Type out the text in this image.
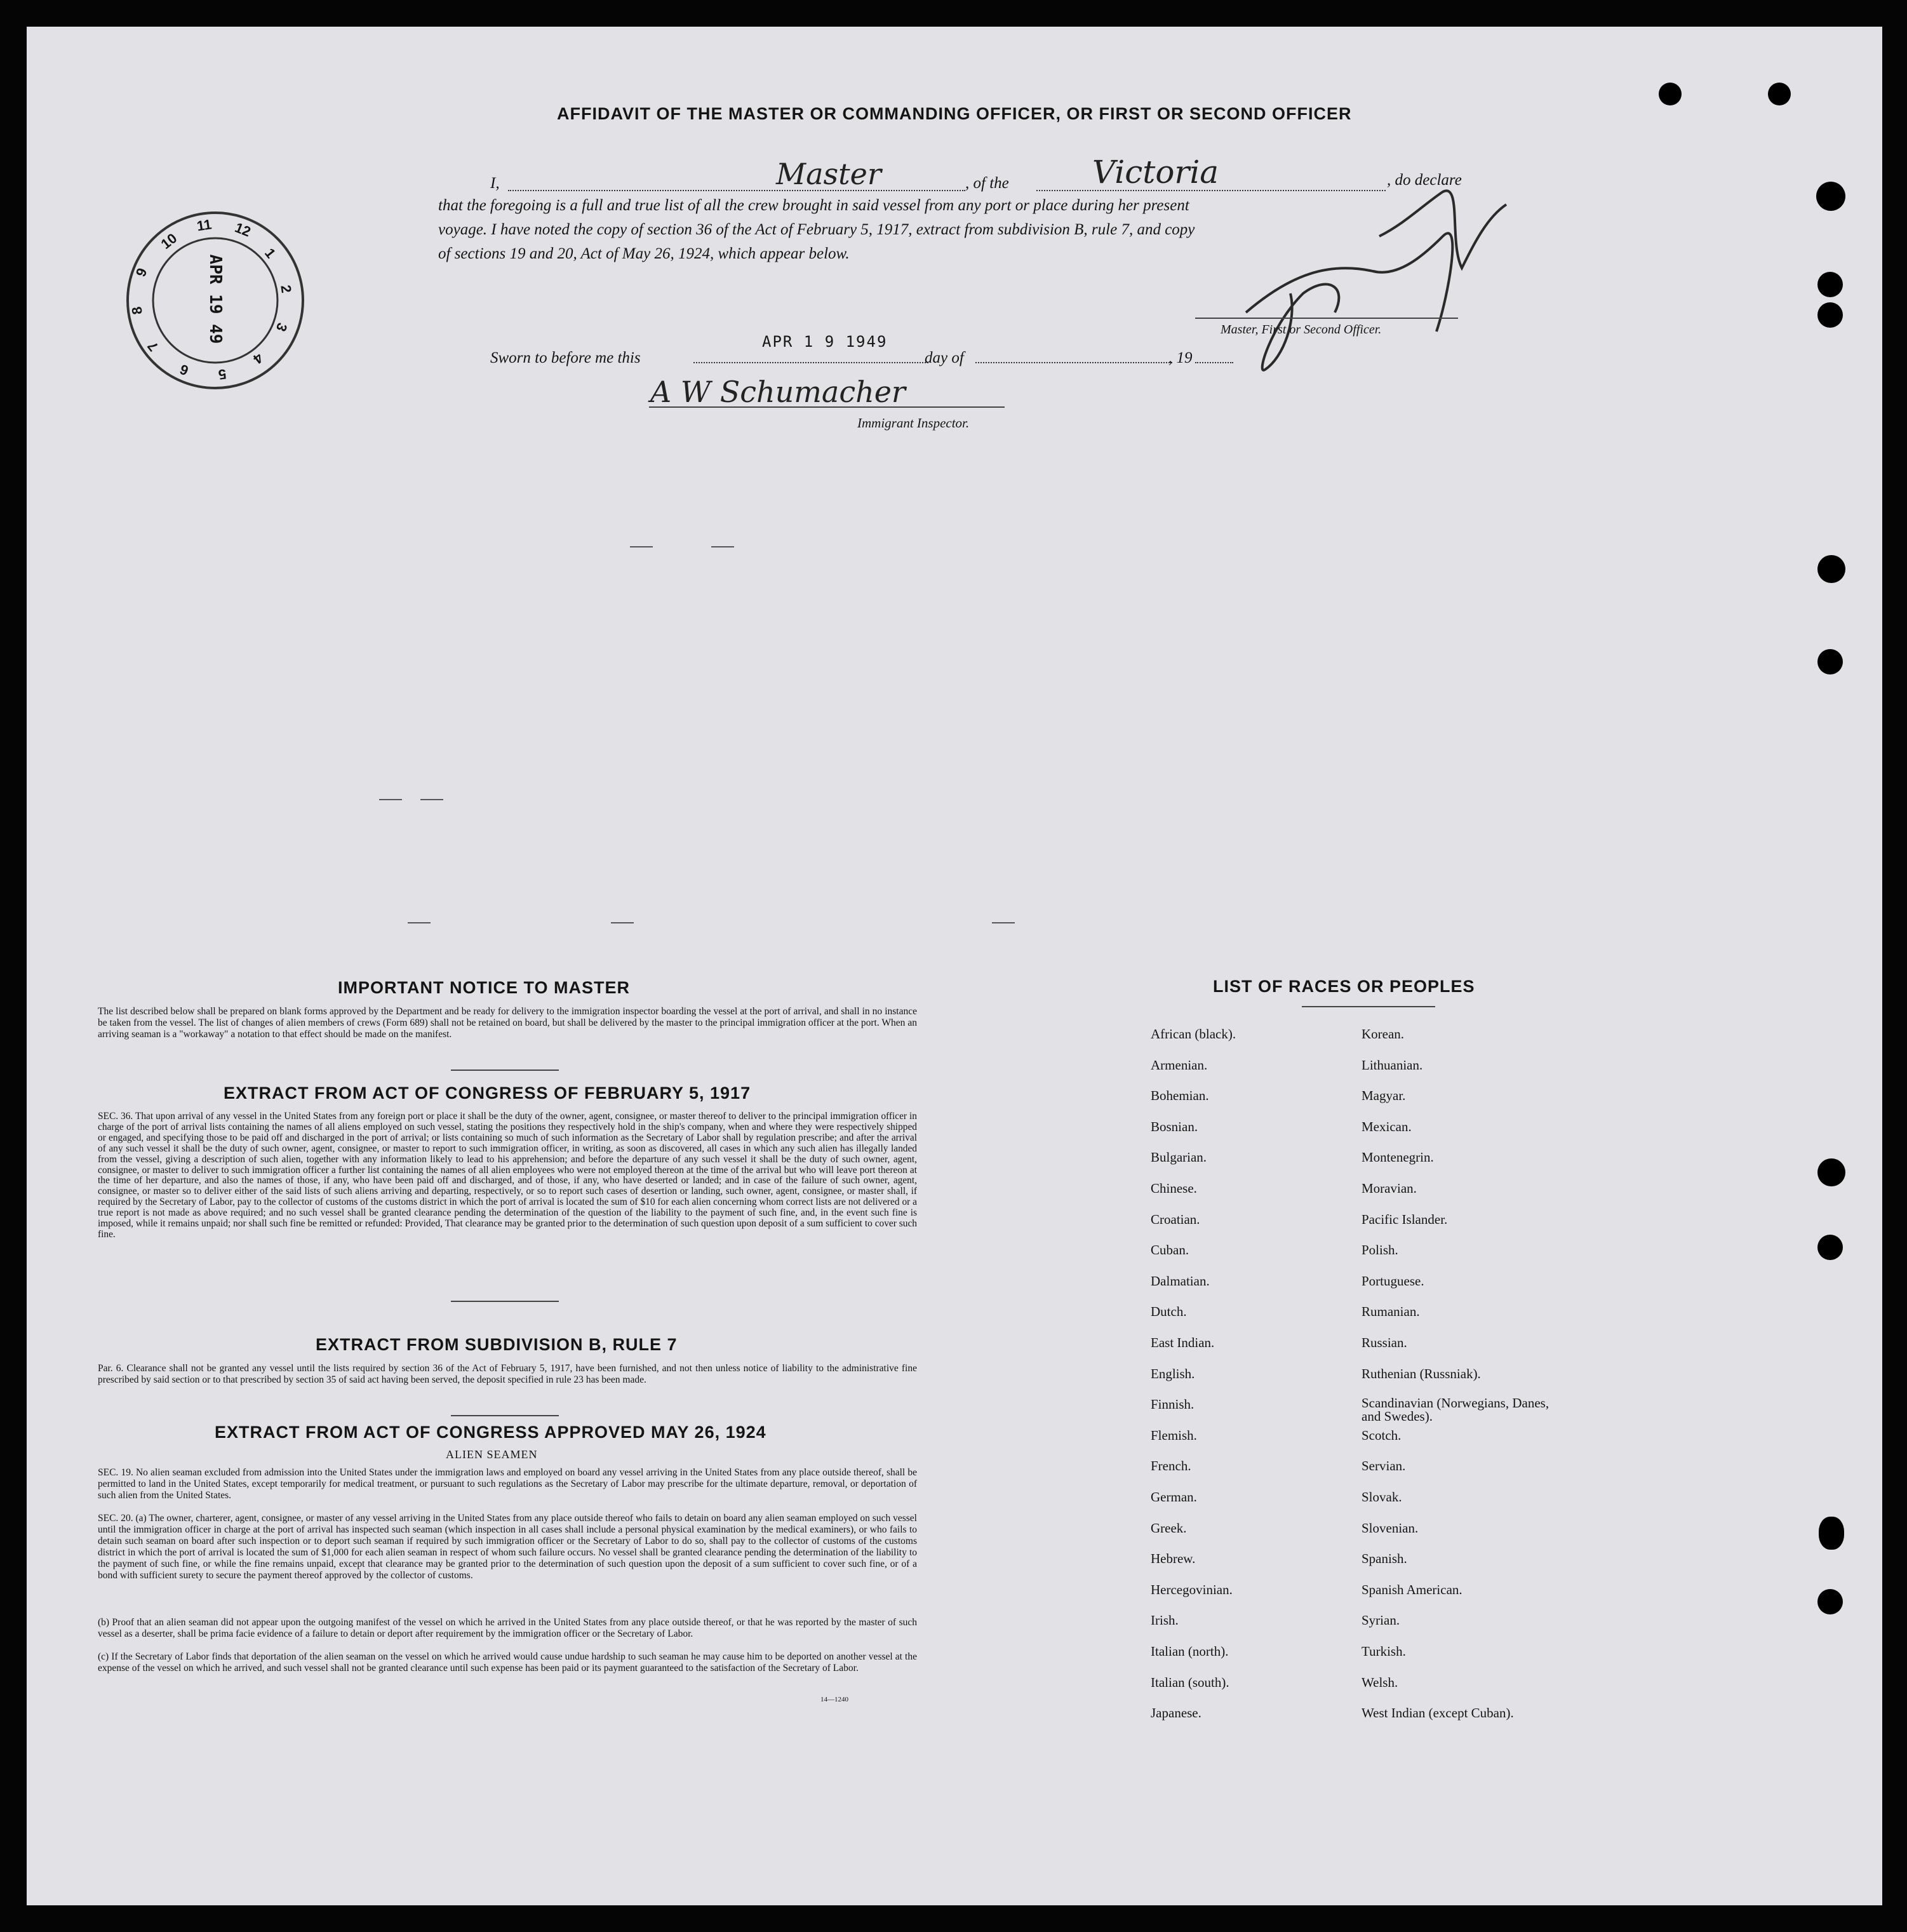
AFFIDAVIT OF THE MASTER OR COMMANDING OFFICER, OR FIRST OR SECOND OFFICER
I,	Master	, of the	Victoria	, do declare
that the foregoing is a full and true list of all the crew brought in said vessel from any port or place during her present
voyage. I have noted the copy of section 36 of the Act of February 5, 1917, extract from subdivision B, rule 7, and copy
of sections 19 and 20, Act of May 26, 1924, which appear below.
Master, First or Second Officer.
Sworn to before me this
APR 1 9 1949
day of	, 19
A W Schumacher
Immigrant Inspector.
1
2
3
4
5
6
7
8
9
10
11 12
APR 19 49
IMPORTANT NOTICE TO MASTER
The list described below shall be prepared on blank forms approved by the Department and be ready for delivery to the immigration inspector boarding the vessel at the port of arrival, and shall in no instance be taken from the vessel. The list of changes of alien members of crews (Form 689) shall not be retained on board, but shall be delivered by the master to the principal immigration officer at the port. When an arriving seaman is a "workaway" a notation to that effect should be made on the manifest.
EXTRACT FROM ACT OF CONGRESS OF FEBRUARY 5, 1917
SEC. 36. That upon arrival of any vessel in the United States from any foreign port or place it shall be the duty of the owner, agent, consignee, or master thereof to deliver to the principal immigration officer in charge of the port of arrival lists containing the names of all aliens employed on such vessel, stating the positions they respectively hold in the ship's company, when and where they were respectively shipped or engaged, and specifying those to be paid off and discharged in the port of arrival; or lists containing so much of such information as the Secretary of Labor shall by regulation prescribe; and after the arrival of any such vessel it shall be the duty of such owner, agent, consignee, or master to report to such immigration officer, in writing, as soon as discovered, all cases in which any such alien has illegally landed from the vessel, giving a description of such alien, together with any information likely to lead to his apprehension; and before the departure of any such vessel it shall be the duty of such owner, agent, consignee, or master to deliver to such immigration officer a further list containing the names of all alien employees who were not employed thereon at the time of the arrival but who will leave port thereon at the time of her departure, and also the names of those, if any, who have been paid off and discharged, and of those, if any, who have deserted or landed; and in case of the failure of such owner, agent, consignee, or master so to deliver either of the said lists of such aliens arriving and departing, respectively, or so to report such cases of desertion or landing, such owner, agent, consignee, or master shall, if required by the Secretary of Labor, pay to the collector of customs of the customs district in which the port of arrival is located the sum of $10 for each alien concerning whom correct lists are not delivered or a true report is not made as above required; and no such vessel shall be granted clearance pending the determination of the question of the liability to the payment of such fine, and, in the event such fine is imposed, while it remains unpaid; nor shall such fine be remitted or refunded: Provided, That clearance may be granted prior to the determination of such question upon deposit of a sum sufficient to cover such fine.
EXTRACT FROM SUBDIVISION B, RULE 7
Par. 6. Clearance shall not be granted any vessel until the lists required by section 36 of the Act of February 5, 1917, have been furnished, and not then unless notice of liability to the administrative fine prescribed by said section or to that prescribed by section 35 of said act having been served, the deposit specified in rule 23 has been made.
EXTRACT FROM ACT OF CONGRESS APPROVED MAY 26, 1924
ALIEN SEAMEN
SEC. 19. No alien seaman excluded from admission into the United States under the immigration laws and employed on board any vessel arriving in the United States from any place outside thereof, shall be permitted to land in the United States, except temporarily for medical treatment, or pursuant to such regulations as the Secretary of Labor may prescribe for the ultimate departure, removal, or deportation of such alien from the United States.
SEC. 20. (a) The owner, charterer, agent, consignee, or master of any vessel arriving in the United States from any place outside thereof who fails to detain on board any alien seaman employed on such vessel until the immigration officer in charge at the port of arrival has inspected such seaman (which inspection in all cases shall include a personal physical examination by the medical examiners), or who fails to detain such seaman on board after such inspection or to deport such seaman if required by such immigration officer or the Secretary of Labor to do so, shall pay to the collector of customs of the customs district in which the port of arrival is located the sum of $1,000 for each alien seaman in respect of whom such failure occurs. No vessel shall be granted clearance pending the determination of the liability to the payment of such fine, or while the fine remains unpaid, except that clearance may be granted prior to the determination of such question upon the deposit of a sum sufficient to cover such fine, or of a bond with sufficient surety to secure the payment thereof approved by the collector of customs.
(b) Proof that an alien seaman did not appear upon the outgoing manifest of the vessel on which he arrived in the United States from any place outside thereof, or that he was reported by the master of such vessel as a deserter, shall be prima facie evidence of a failure to detain or deport after requirement by the immigration officer or the Secretary of Labor.
(c) If the Secretary of Labor finds that deportation of the alien seaman on the vessel on which he arrived would cause undue hardship to such seaman he may cause him to be deported on another vessel at the expense of the vessel on which he arrived, and such vessel shall not be granted clearance until such expense has been paid or its payment guaranteed to the satisfaction of the Secretary of Labor.
14—1240
LIST OF RACES OR PEOPLES
African (black).
Armenian.
Bohemian.
Bosnian.
Bulgarian.
Chinese.
Croatian.
Cuban.
Dalmatian.
Dutch.
East Indian.
English.
Finnish.
Flemish.
French.
German.
Greek.
Hebrew.
Hercegovinian.
Irish.
Italian (north).
Italian (south).
Japanese.
Korean.
Lithuanian.
Magyar.
Mexican.
Montenegrin.
Moravian.
Pacific Islander.
Polish.
Portuguese.
Rumanian.
Russian.
Ruthenian (Russniak).
Scandinavian (Norwegians, Danes, and Swedes).
Scotch.
Servian.
Slovak.
Slovenian.
Spanish.
Spanish American.
Syrian.
Turkish.
Welsh.
West Indian (except Cuban).
